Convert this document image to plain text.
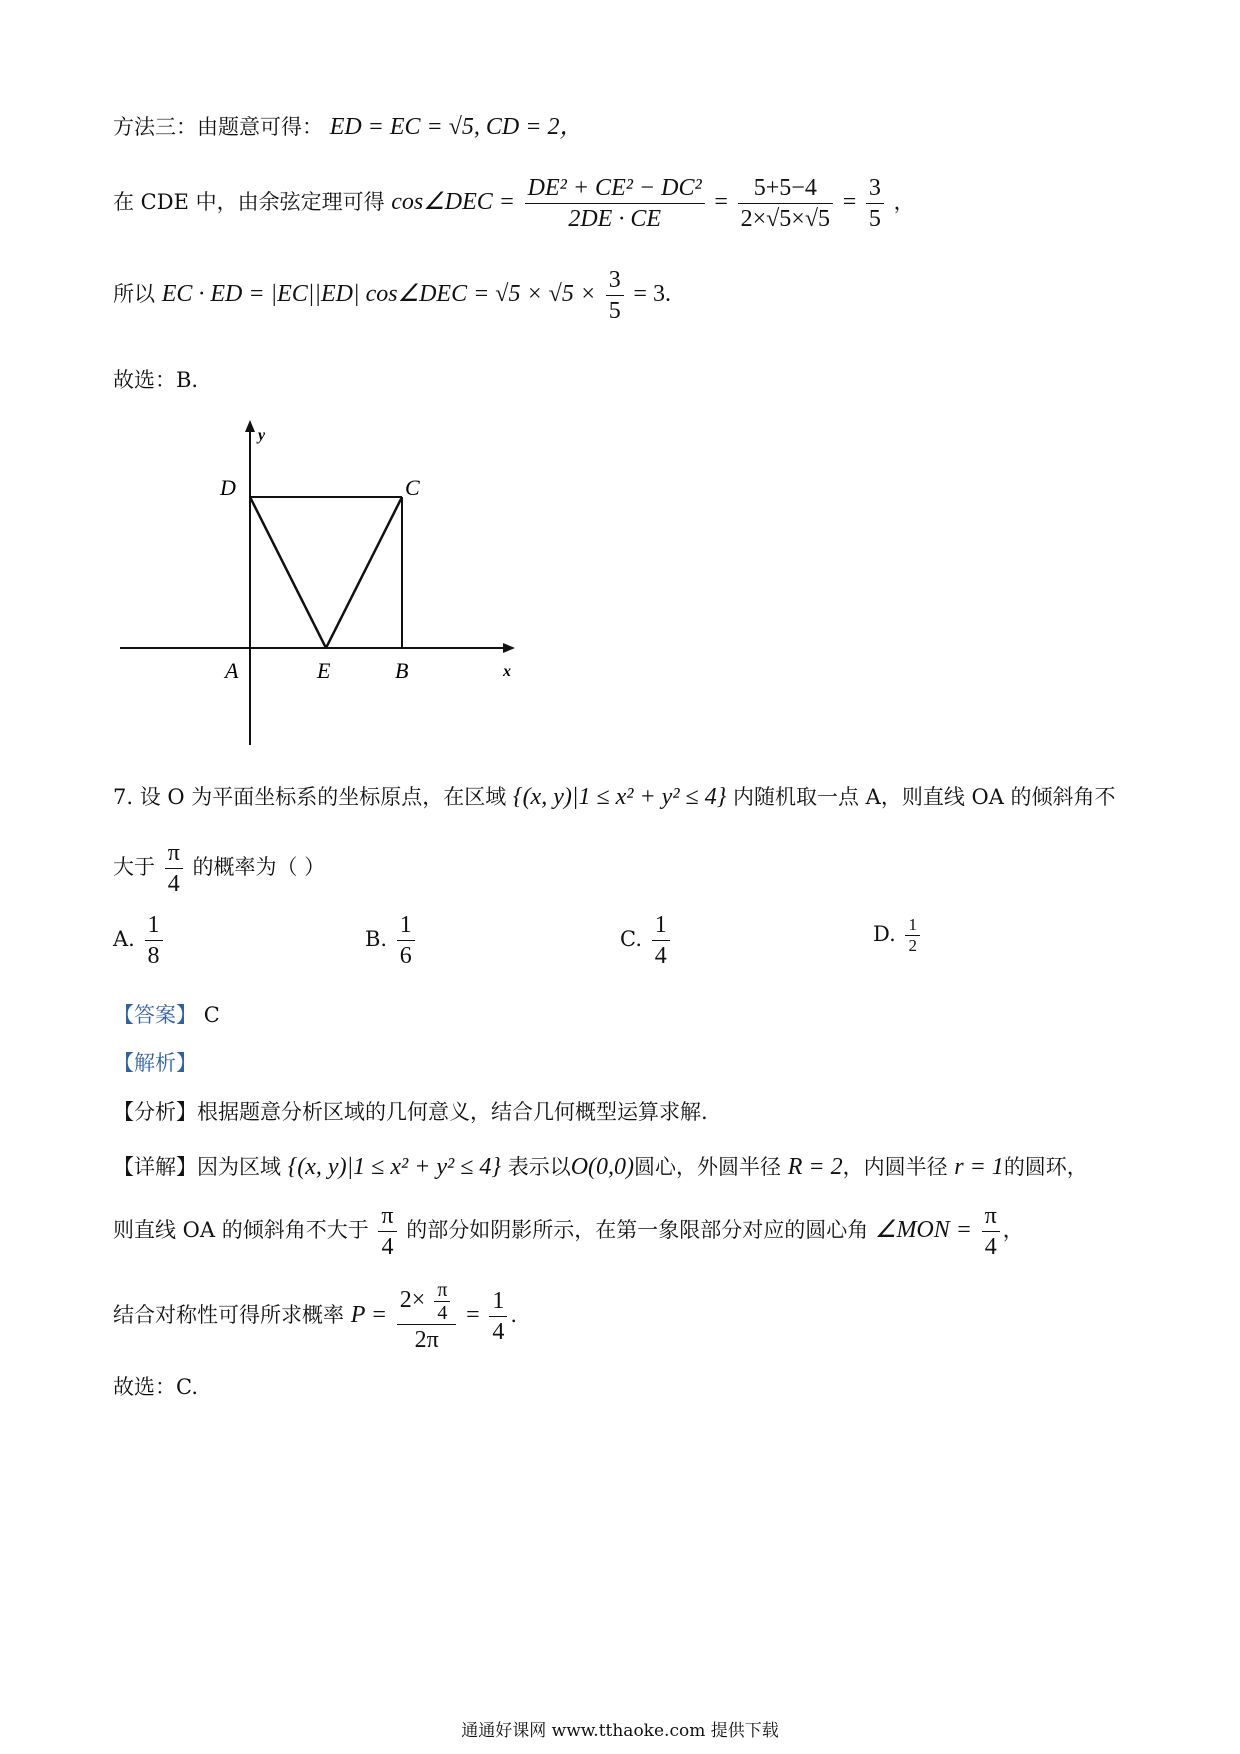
方法三：由题意可得： ED = EC = √5, CD = 2，
在 CDE 中，由余弦定理可得 cos∠DEC = $\frac{\text{DE² + CE² − DC²}}{2DE \cdot CE} = \frac{5+5-4}{2\times√5\times√5} = \frac{3}{5}$ ，
所以 EC · ED = |EC||ED| cos∠DEC = $√5 \times √5 \times \frac{3}{5} = 3$.
故选：B.
y
x
D	C
A	E	B
7. 设 O 为平面坐标系的坐标原点，在区域 {(x, y)|1 ≤ x² + y² ≤ 4} 内随机取一点 A，则直线 OA 的倾斜角不
大于 $\frac{\pi}{4}$ 的概率为（ ）
A. $\frac{1}{8}$	B. $\frac{1}{6}$	C. $\frac{1}{4}$	D. $\frac{1}{2}$
【答案】 C
【解析】
【分析】根据题意分析区域的几何意义，结合几何概型运算求解.
【详解】因为区域 {(x, y)|1 ≤ x² + y² ≤ 4} 表示以O(0,0)圆心，外圆半径 R = 2，内圆半径 r = 1的圆环，
则直线 OA 的倾斜角不大于 $\frac{\pi}{4}$ 的部分如阴影所示，在第一象限部分对应的圆心角 ∠MON = $\frac{\pi}{4}$ ，
结合对称性可得所求概率 $P = \frac{2\times \frac{\pi}{4}}{2\pi} = \frac{1}{4}$ .
故选：C.
通通好课网 www.tthaoke.com 提供下载
